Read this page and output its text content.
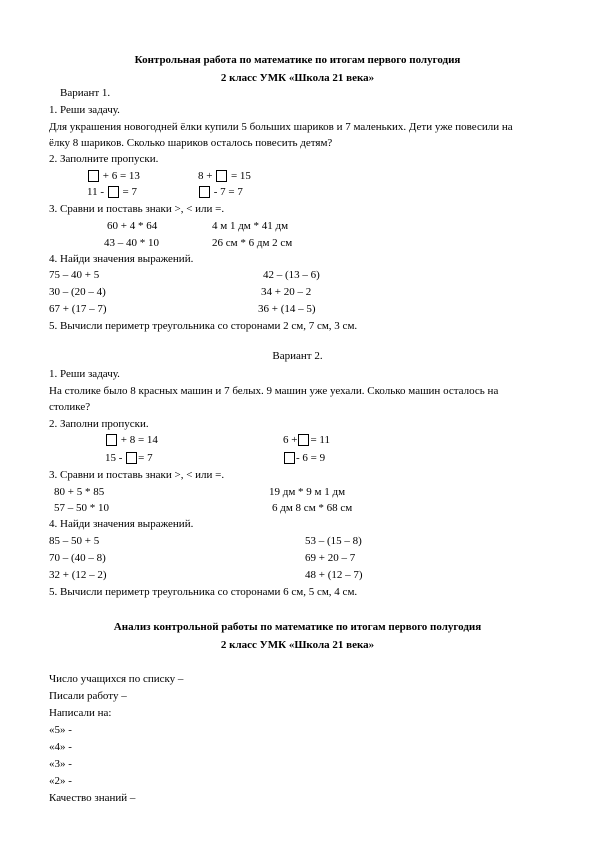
Контрольная работа по математике по итогам первого полугодия
2 класс УМК «Школа 21 века»
Вариант 1.
1. Реши задачу.
Для украшения новогодней ёлки купили 5 больших шариков и 7 маленьких. Дети уже повесили на
ёлку 8 шариков. Сколько шариков осталось повесить детям?
2. Заполните пропуски.
+ 6 = 13	8 + = 15
11 - = 7	- 7 = 7
3. Сравни и поставь знаки >, < или =.
60 + 4 * 64	4 м 1 дм * 41 дм
43 – 40 * 10	26 см * 6 дм 2 см
4. Найди значения выражений.
75 – 40 + 5	42 – (13 – 6)
30 – (20 – 4)	34 + 20 – 2
67 + (17 – 7)	36 + (14 – 5)
5. Вычисли периметр треугольника со сторонами 2 см, 7 см, 3 см.
Вариант 2.
1. Реши задачу.
На столике было 8 красных машин и 7 белых. 9 машин уже уехали. Сколько машин осталось на
столике?
2. Заполни пропуски.
+ 8 = 14	6 + = 11
15 - = 7	- 6 = 9
3. Сравни и поставь знаки >, < или =.
80 + 5 * 85	19 дм * 9 м 1 дм
57 – 50 * 10	6 дм 8 см * 68 см
4. Найди значения выражений.
85 – 50 + 5	53 – (15 – 8)
70 – (40 – 8)	69 + 20 – 7
32 + (12 – 2)	48 + (12 – 7)
5. Вычисли периметр треугольника со сторонами 6 см, 5 см, 4 см.
Анализ контрольной работы по математике по итогам первого полугодия
2 класс УМК «Школа 21 века»
Число учащихся по списку –
Писали работу –
Написали на:
«5» -
«4» -
«3» -
«2» -
Качество знаний –
